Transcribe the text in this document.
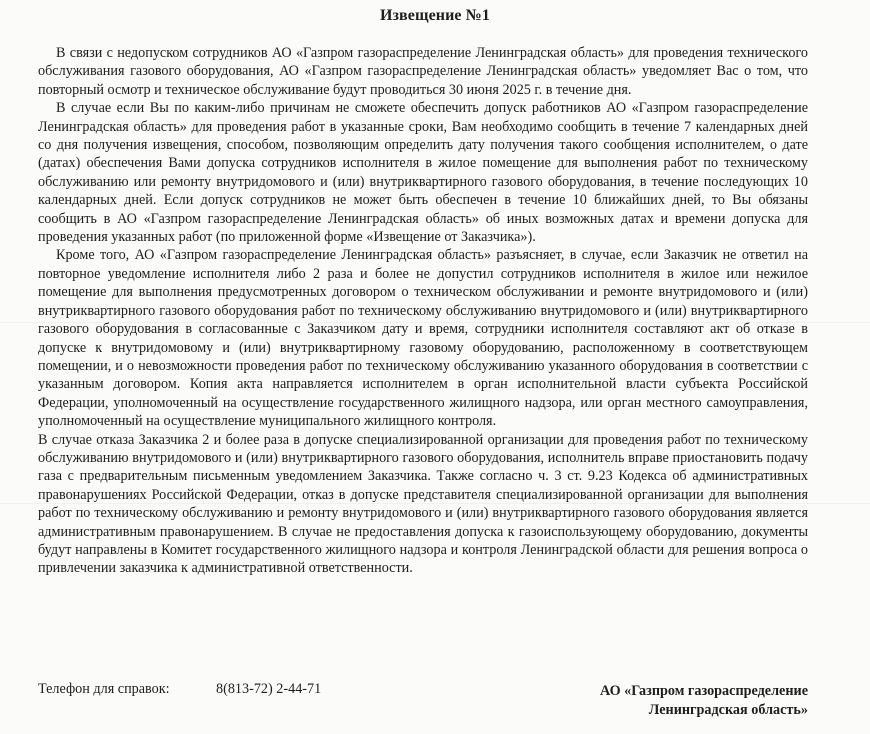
Извещение №1

В связи с недопуском сотрудников АО «Газпром газораспределение Ленинградская область» для проведения технического обслуживания газового оборудования, АО «Газпром газораспределение Ленинградская область» уведомляет Вас о том, что повторный осмотр и техническое обслуживание будут проводиться 30 июня 2025 г. в течение дня.

В случае если Вы по каким-либо причинам не сможете обеспечить допуск работников АО «Газпром газораспределение Ленинградская область» для проведения работ в указанные сроки, Вам необходимо сообщить в течение 7 календарных дней со дня получения извещения, способом, позволяющим определить дату получения такого сообщения исполнителем, о дате (датах) обеспечения Вами допуска сотрудников исполнителя в жилое помещение для выполнения работ по техническому обслуживанию или ремонту внутридомового и (или) внутриквартирного газового оборудования, в течение последующих 10 календарных дней. Если допуск сотрудников не может быть обеспечен в течение 10 ближайших дней, то Вы обязаны сообщить в АО «Газпром газораспределение Ленинградская область» об иных возможных датах и времени допуска для проведения указанных работ (по приложенной форме «Извещение от Заказчика»).

Кроме того, АО «Газпром газораспределение Ленинградская область» разъясняет, в случае, если Заказчик не ответил на повторное уведомление исполнителя либо 2 раза и более не допустил сотрудников исполнителя в жилое или нежилое помещение для выполнения предусмотренных договором о техническом обслуживании и ремонте внутридомового и (или) внутриквартирного газового оборудования работ по техническому обслуживанию внутридомового и (или) внутриквартирного газового оборудования в согласованные с Заказчиком дату и время, сотрудники исполнителя составляют акт об отказе в допуске к внутридомовому и (или) внутриквартирному газовому оборудованию, расположенному в соответствующем помещении, и о невозможности проведения работ по техническому обслуживанию указанного оборудования в соответствии с указанным договором. Копия акта направляется исполнителем в орган исполнительной власти субъекта Российской Федерации, уполномоченный на осуществление государственного жилищного надзора, или орган местного самоуправления, уполномоченный на осуществление муниципального жилищного контроля.

В случае отказа Заказчика 2 и более раза в допуске специализированной организации для проведения работ по техническому обслуживанию внутридомового и (или) внутриквартирного газового оборудования, исполнитель вправе приостановить подачу газа с предварительным письменным уведомлением Заказчика. Также согласно ч. 3 ст. 9.23 Кодекса об административных правонарушениях Российской Федерации, отказ в допуске представителя специализированной организации для выполнения работ по техническому обслуживанию и ремонту внутридомового и (или) внутриквартирного газового оборудования является административным правонарушением. В случае не предоставления допуска к газоиспользующему оборудованию, документы будут направлены в Комитет государственного жилищного надзора и контроля Ленинградской области для решения вопроса о привлечении заказчика к административной ответственности.

Телефон для справок:	8(813-72) 2-44-71	АО «Газпром газораспределение
Ленинградская область»
